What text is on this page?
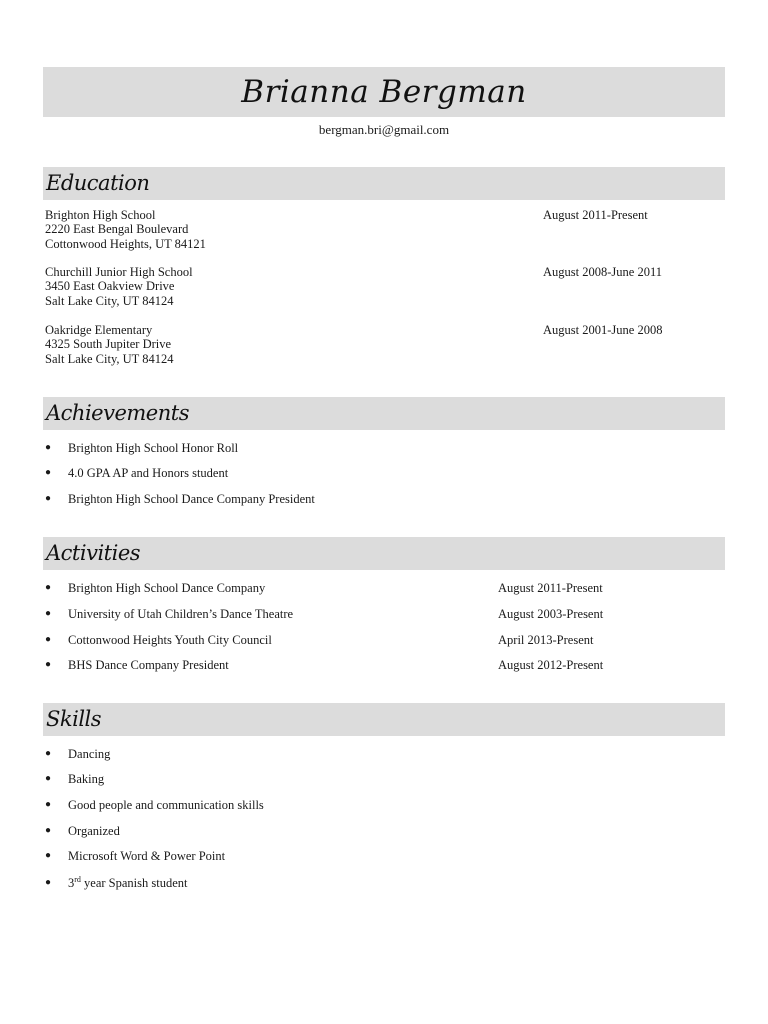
Brianna Bergman
bergman.bri@gmail.com
Education
Brighton High School
2220 East Bengal Boulevard
Cottonwood Heights, UT 84121
August 2011-Present
Churchill Junior High School
3450 East Oakview Drive
Salt Lake City, UT 84124
August 2008-June 2011
Oakridge Elementary
4325 South Jupiter Drive
Salt Lake City, UT 84124
August 2001-June 2008
Achievements
● Brighton High School Honor Roll
● 4.0 GPA AP and Honors student
● Brighton High School Dance Company President
Activities
● Brighton High School Dance Company	August 2011-Present
● University of Utah Children’s Dance Theatre	August 2003-Present
● Cottonwood Heights Youth City Council	April 2013-Present
● BHS Dance Company President	August 2012-Present
Skills
● Dancing
● Baking
● Good people and communication skills
● Organized
● Microsoft Word & Power Point
● 3rd year Spanish student
